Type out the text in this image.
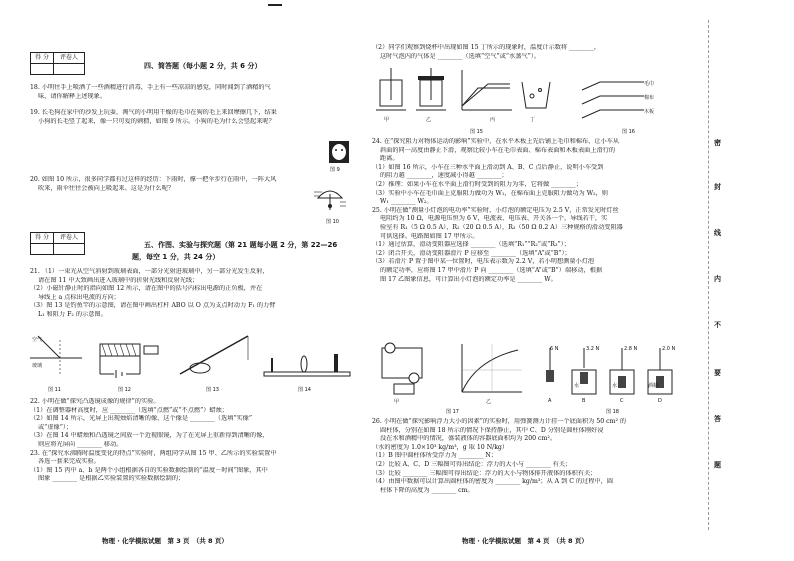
得 分	评卷人

四、简答题（每小题 2 分，共 6 分）

18. 小明往手上喷洒了一些酒精进行消毒，手上有一些凉凉的感觉，同时闻到了酒精的气

味，请你解释上述现象。

19. 长毛狗在家中的沙发上玩耍，淘气的小明用干燥的毛巾在狗的毛上来回摩擦几下，结果

小狗的长毛竖了起来，像一只可爱的刺猬，如图 9 所示。小狗的毛为什么会竖起来呢？

图 9

20. 如图 10 所示，很多同学都有过这样的经历：下雨时，撑一把伞步行在雨中，一阵大风

吹来，雨伞往往会被向上吸起来。这是为什么呢？

图 10
得 分	评卷人

五、作图、实验与探究题（第 21 题每小题 2 分，第 22—26

题，每空 1 分，共 24 分）

21. （1）一束光从空气斜射到玻璃表面，一部分光射进玻璃中，另一部分光发生反射，

请在图 11 中大致画出进入玻璃中的折射光线和反射光线；

（2）小磁针静止时的指向如图 12 所示，请在图中的括号内标出电源的正负极，并在

导线上 a 点标出电流的方向；

（3）图 13 是钓鱼竿的示意图，请在图中画出杠杆 ABO 以 O 点为支点时动力 F₁ 的力臂

L₁ 和阻力 F₂ 的示意图。

空气
玻璃
图 11	图 12	图 13	图 14

22. 小明在做“探究凸透镜成像的规律”的实验。

（1）在调整器材高度时，应 ________（选填“点燃”或“不点燃”）蜡烛；

（2）如图 14 所示，光屏上出现烛焰清晰的像，这个像是 ________（选填“实像”

或“虚像”）；

（3）在图 14 中蜡烛和凸透镜之间放一个近视眼镜，为了在光屏上重新得到清晰的像，

则应将光屏向 ________ 移动。

23. 在“探究水沸腾时温度变化的特点”实验时，两组同学从图 15 甲、乙所示的实验装置中

各选一套来完成实验。

（1）图 15 丙中 a、b 是两个小组根据各自的实验数据绘制的“温度－时间”图象，其中

图象 ________ 是根据乙实验装置的实验数据绘制的；

物理 · 化学模拟试题　第 3 页　（共 8 页）

（2）同学们观察到烧杯中出现如图 15 丁所示的现象时，温度计示数将 ________，

这时气泡内的气体是 ________（选填“空气”或“水蒸气”）。

甲	乙	丙	丁
图 15
毛巾
棉布
木板
图 16

24. 在“探究阻力对物体运动的影响”实验中，在水平木板上先后铺上毛巾和棉布，让小车从

斜面的同一高度由静止下滑，观察比较小车在毛巾表面、棉布表面和木板表面上滑行的

距离。

（1）如图 16 所示，小车在三种水平面上滑动到 A、B、C 点后静止，说明小车受到

的阻力越 ________，速度减小得越 ________；

（2）推理：如果小车在水平面上滑行时受到的阻力为零，它将做 ________；

（3）实验中小车在毛巾面上克服阻力做功为 W₁，在棉布面上克服阻力做功为 W₂，则

W₁ ________ W₂。

25. 小明在做“测量小灯泡的电功率”实验时，小灯泡的额定电压为 2.5 V，正常发光时灯丝

电阻约为 10 Ω，电源电压恒为 6 V，电流表、电压表、开关各一个，导线若干，实

验室有 R₁（5 Ω 0.5 A），R₂（20 Ω 0.5 A），R₃（50 Ω 0.2 A）三种规格的滑动变阻器

可供选择。电路图如图 17 甲所示。

（1）通过估算，滑动变阻器应选择 ________（选填“R₁”“R₂”或“R₃”）；

（2）闭合开关，滑动变阻器滑片 P 应移至 ________（选填“A”或“B”）；

（3）若滑片 P 置于图中某一位置时，电压表示数为 2.2 V，若小明想测量小灯泡

的额定功率，应将图 17 甲中滑片 P 向 ________（选填“A”或“B”）端移动，根据

图 17 乙图象信息，可计算出小灯泡的额定功率是 ________ W。

甲	乙
图 17
6 N	3.2 N	2.8 N	2.0 N
水	水	酒精
A	B	C	D
图 18

26. 小明在做“探究影响浮力大小的因素”的实验时，用弹簧测力计挂一个底面积为 50 cm² 的

圆柱体，分别在如图 18 所示的情况下保持静止，其中 C、D 分别是圆柱体刚好浸

没在水和酒精中的情况，盛装液体的容器底面积均为 200 cm²。

（水的密度为 1.0×10³ kg/m³，g 取 10 N/kg）

（1）B 图中圆柱体所受浮力为 ________ N；

（2）比较 A、C、D 三幅图可得出结论：浮力的大小与 ________ 有关；

（3）比较 ________ 三幅图可得出结论：浮力的大小与物体排开液体的体积有关；

（4）由图中数据可以计算出圆柱体的密度为 ________ kg/m³；从 A 到 C 的过程中，圆

柱体下降的高度为 ________ cm。

物理 · 化学模拟试题　第 4 页　（共 8 页）
密
封
线
内
不
要
答
题
